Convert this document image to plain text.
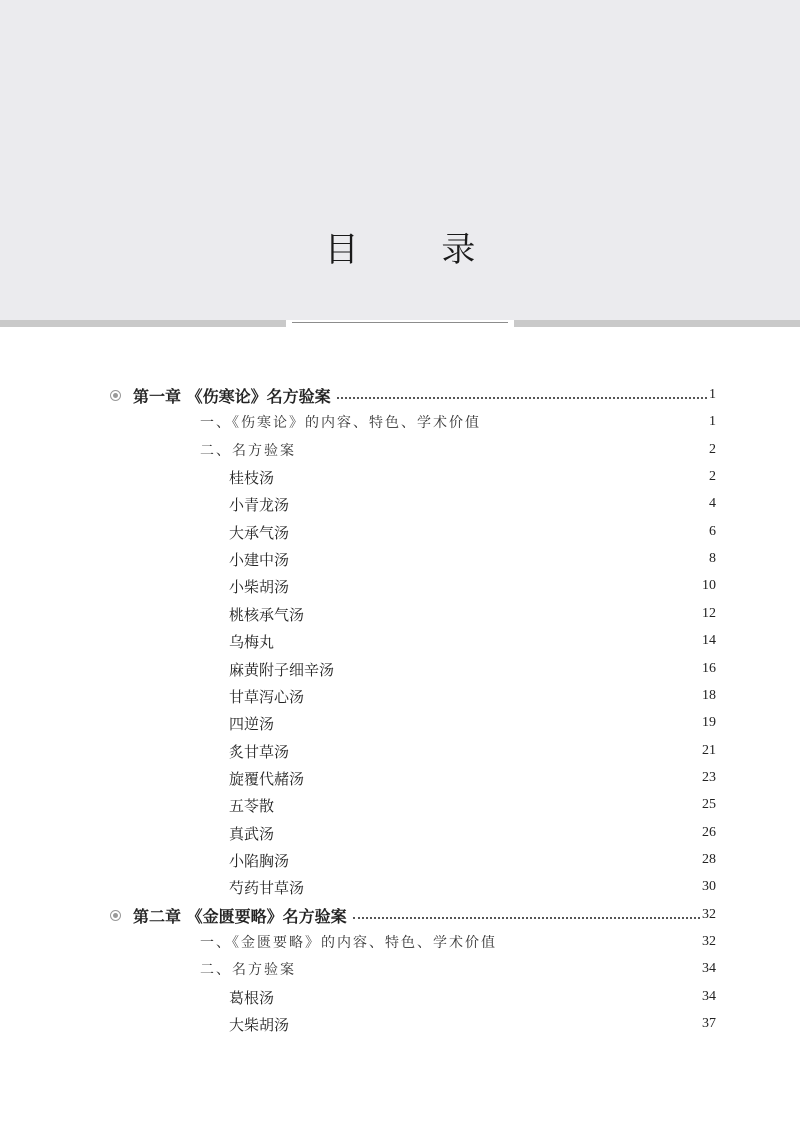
目 录
第一章 《伤寒论》名方验案	1
一、《伤寒论》的内容、特色、学术价值	1
二、名方验案	2
桂枝汤	2
小青龙汤	4
大承气汤	6
小建中汤	8
小柴胡汤	10
桃核承气汤	12
乌梅丸	14
麻黄附子细辛汤	16
甘草泻心汤	18
四逆汤	19
炙甘草汤	21
旋覆代赭汤	23
五苓散	25
真武汤	26
小陷胸汤	28
芍药甘草汤	30
第二章 《金匮要略》名方验案	32
一、《金匮要略》的内容、特色、学术价值	32
二、名方验案	34
葛根汤	34
大柴胡汤	37
